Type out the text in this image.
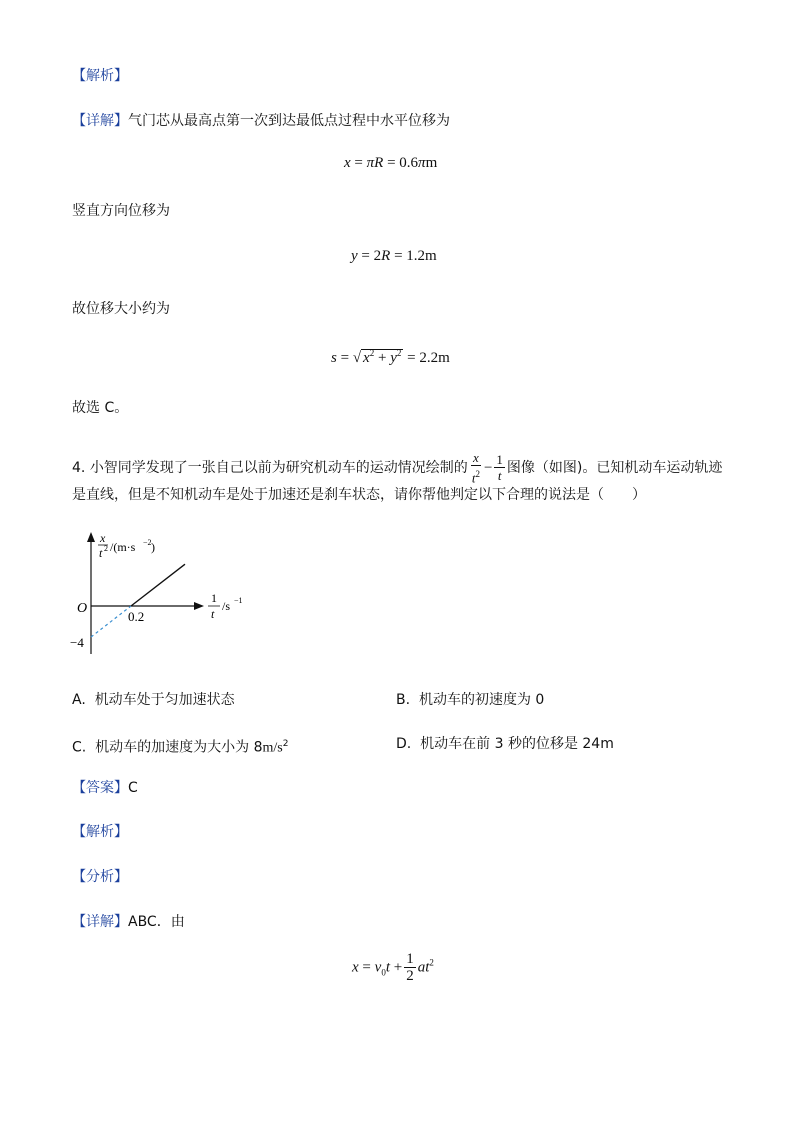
【解析】
【详解】气门芯从最高点第一次到达最低点过程中水平位移为
x = πR = 0.6πm
竖直方向位移为
y = 2R = 1.2m
故位移大小约为
s = √ $x^2 + y^2 = 2.2m$
故选 C。
4. 小智同学发现了一张自己以前为研究机动车的运动情况绘制的 $\frac{x}{t^2} - \frac{1}{t}$ 图像（如图)。已知机动车运动轨迹
是直线，但是不知机动车是处于加速还是刹车状态，请你帮他判定以下合理的说法是（　　）
O
−4
0.2
x
t 2 /(m·s −2 )
1
t
/s −1
A. 机动车处于匀加速状态	B. 机动车的初速度为 0
C. 机动车的加速度为大小为 $8m/s^2$	D. 机动车在前 3 秒的位移是 24m
【答案】C
【解析】
【分析】
【详解】ABC．由
$x = v_0t + \frac{1}{2} at^2$
